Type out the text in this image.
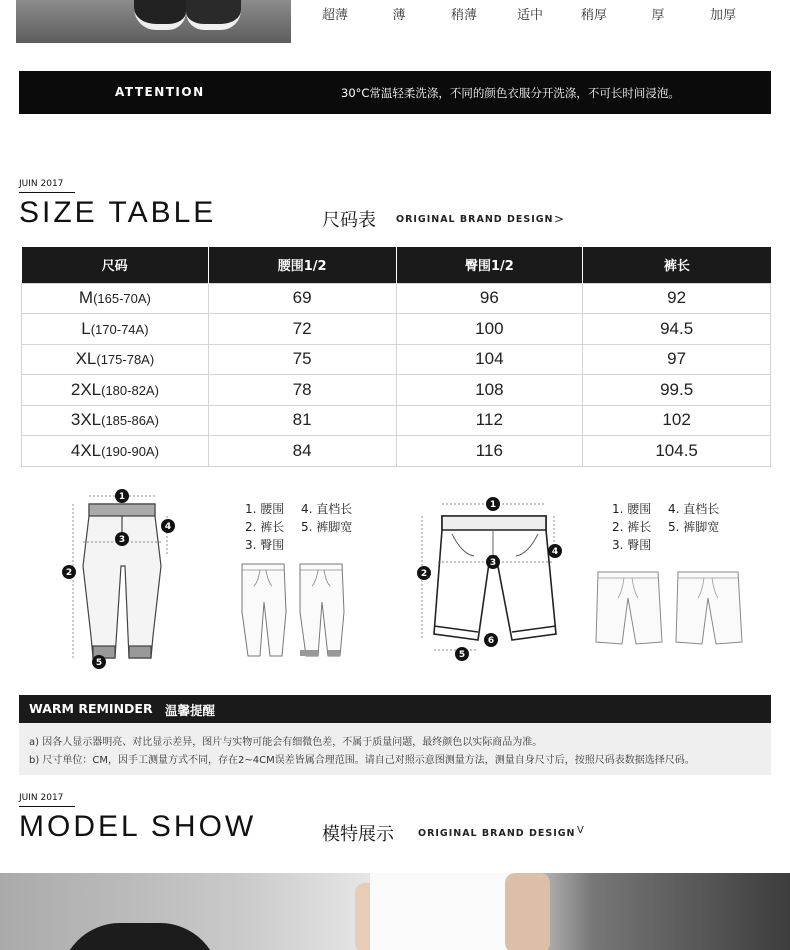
超薄	薄	稍薄	适中	稍厚	厚	加厚
ATTENTION	30°C常温轻柔洗涤，不同的颜色衣服分开洗涤，不可长时间浸泡。
JUIN 2017
SIZE TABLE	尺码表 ORIGINAL BRAND DESIGN >
尺码	腰围1/2	臀围1/2	裤长
M(165-70A)	69	96	92
L(170-74A)	72	100	94.5
XL(175-78A)	75	104	97
2XL(180-82A)	78	108	99.5
3XL(185-86A)	81	112	102
4XL(190-90A)	84	116	104.5
1
2
3
4
5
1. 腰围
2. 裤长
3. 臀围
4. 直档长
5. 裤脚宽
1
2
3
4
5
6
1. 腰围
2. 裤长
3. 臀围
4. 直档长
5. 裤脚宽
WARM REMINDER 温馨提醒
a) 因各人显示器明亮、对比显示差异，图片与实物可能会有细微色差，不属于质量问题，最终颜色以实际商品为准。
b) 尺寸单位：CM，因手工测量方式不同，存在2~4CM误差皆属合理范围。请自己对照示意图测量方法，测量自身尺寸后，按照尺码表数据选择尺码。
JUIN 2017
MODEL SHOW	模特展示	ORIGINAL BRAND DESIGN V
